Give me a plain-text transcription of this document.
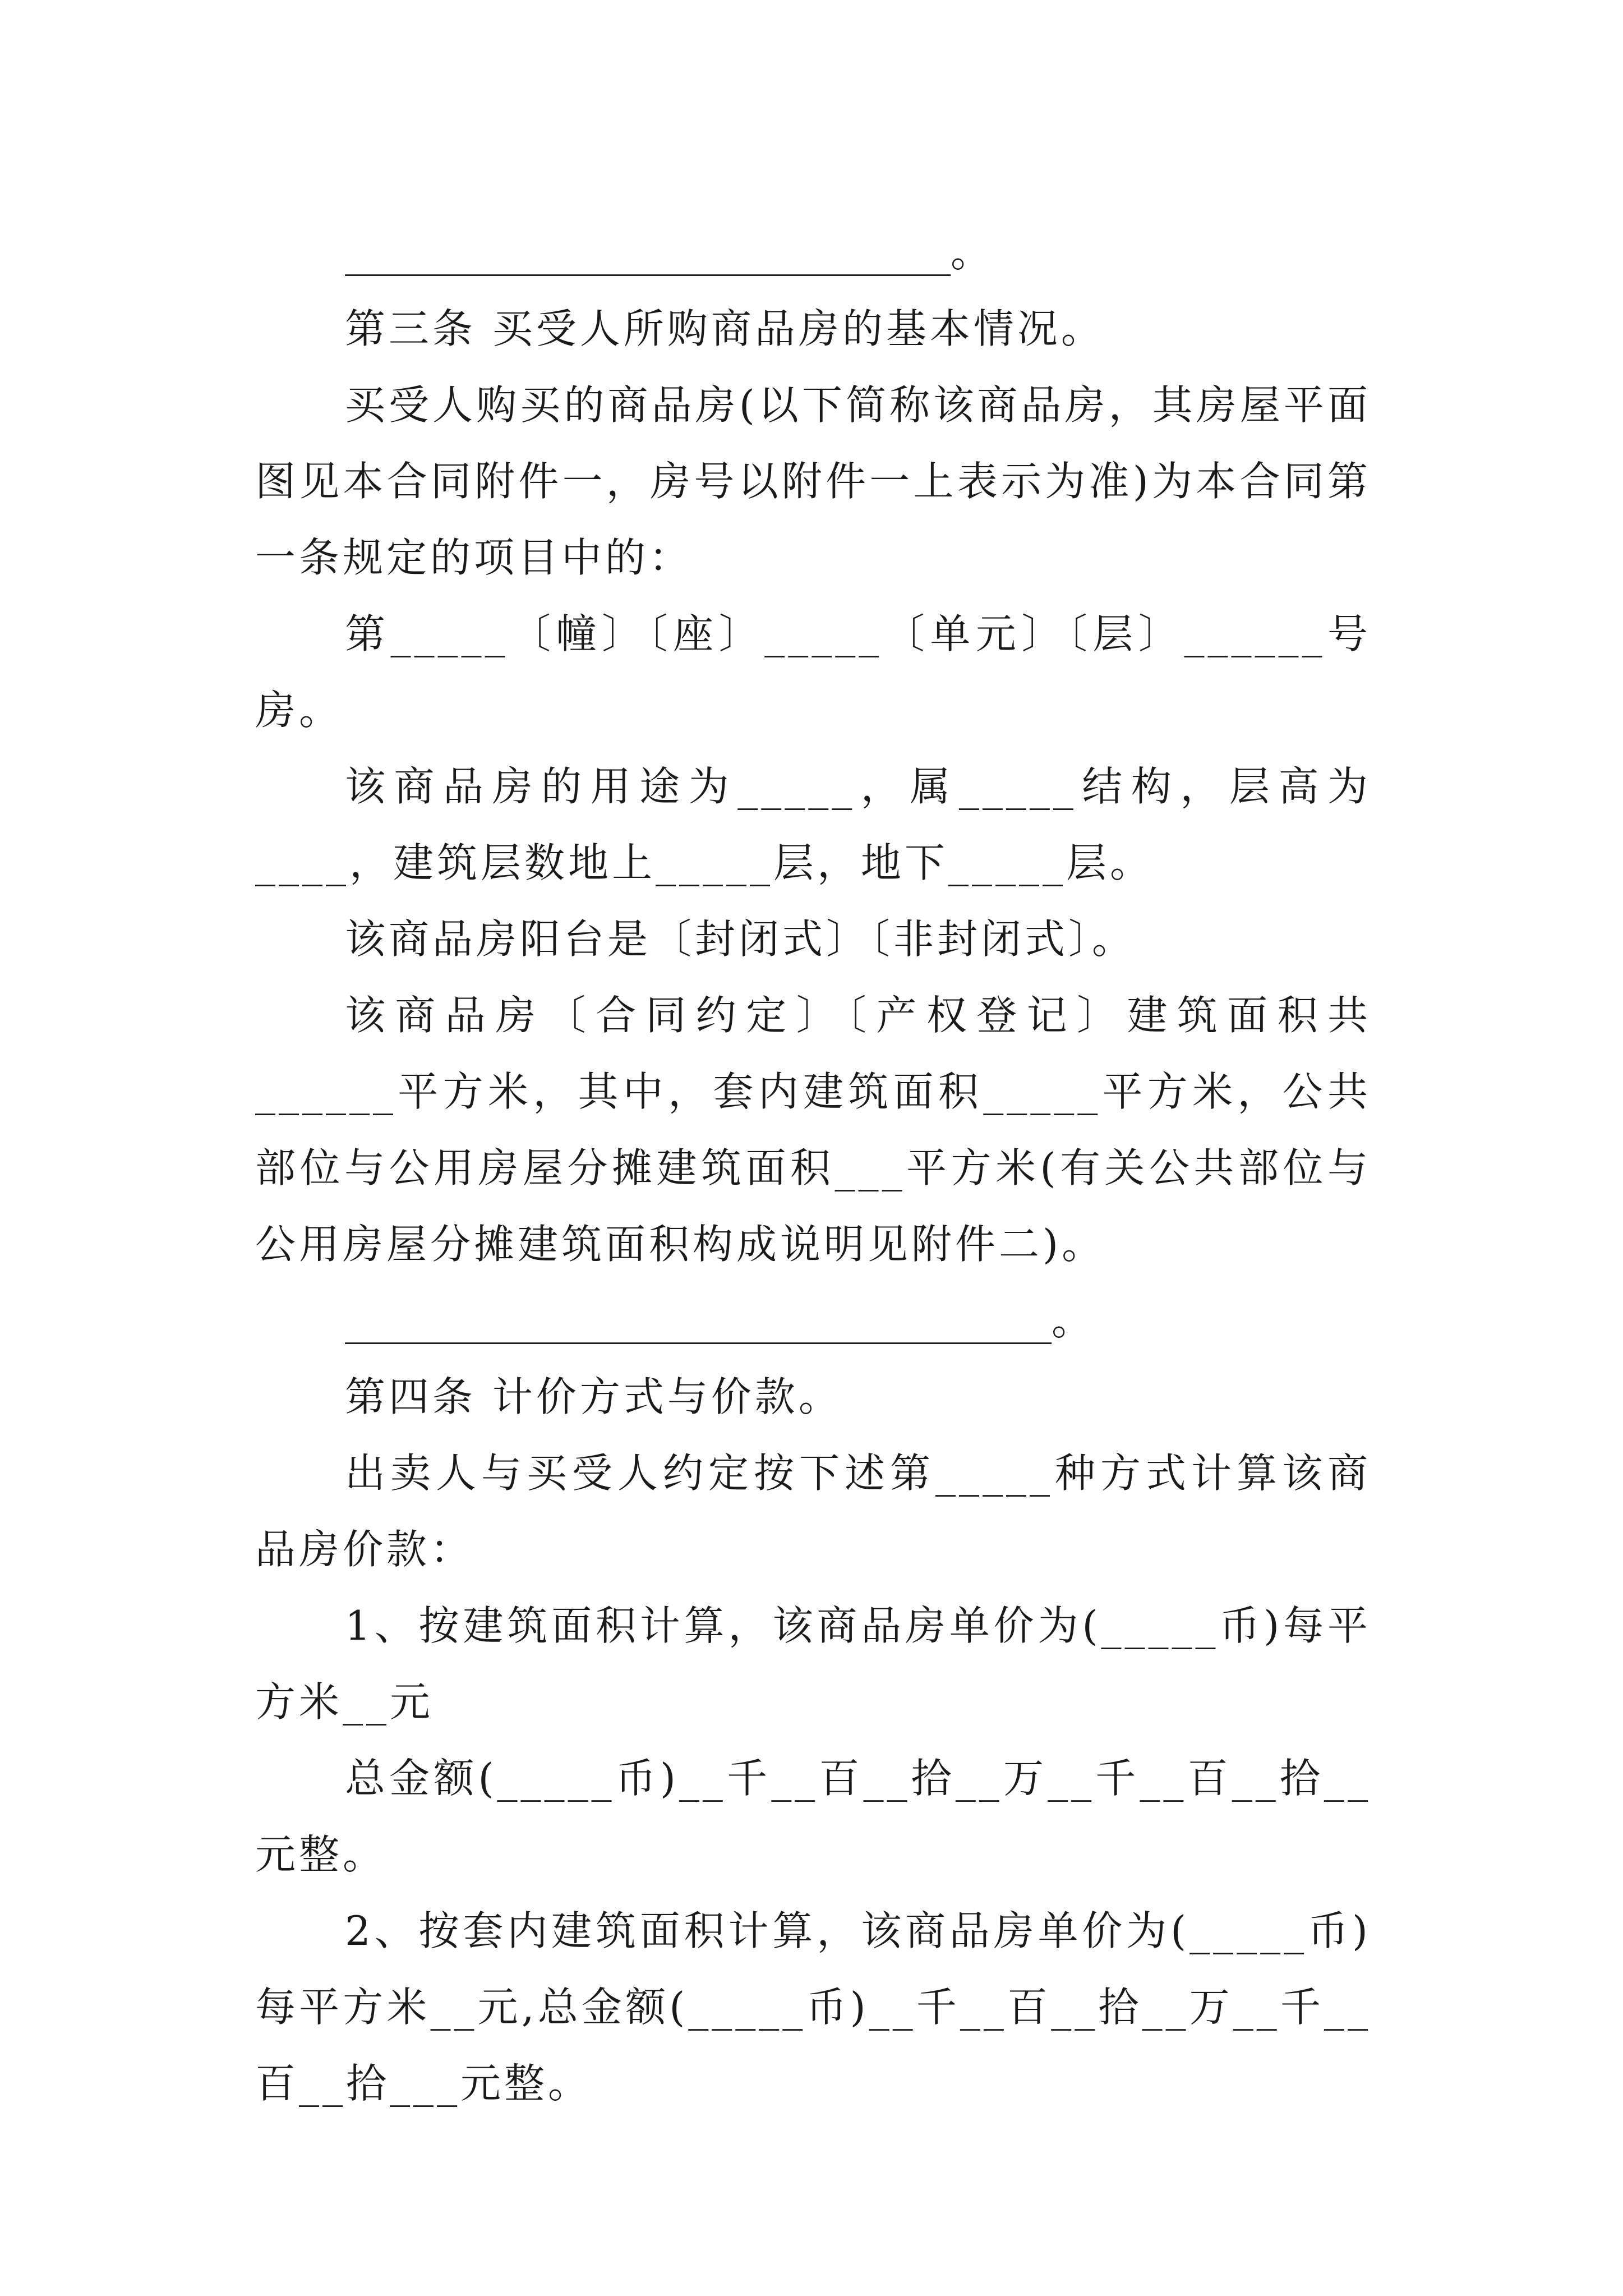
______________________________。

第三条 买受人所购商品房的基本情况。

买受人购买的商品房(以下简称该商品房，其房屋平面图见本合同附件一，房号以附件一上表示为准)为本合同第一条规定的项目中的：

第_____〔幢〕〔座〕_____〔单元〕〔层〕______号房。

该商品房的用途为_____，属_____结构，层高为____，建筑层数地上_____层，地下_____层。

该商品房阳台是〔封闭式〕〔非封闭式〕。

该商品房〔合同约定〕〔产权登记〕建筑面积共______平方米，其中，套内建筑面积_____平方米，公共部位与公用房屋分摊建筑面积___平方米(有关公共部位与公用房屋分摊建筑面积构成说明见附件二)。

___________________________________。

第四条 计价方式与价款。

出卖人与买受人约定按下述第_____种方式计算该商品房价款：

1、按建筑面积计算，该商品房单价为(_____币)每平方米__元

总金额(_____币)__千__百__拾__万__千__百__拾__元整。

2、按套内建筑面积计算，该商品房单价为(_____币)每平方米__元,总金额(_____币)__千__百__拾__万__千__百__拾___元整。
